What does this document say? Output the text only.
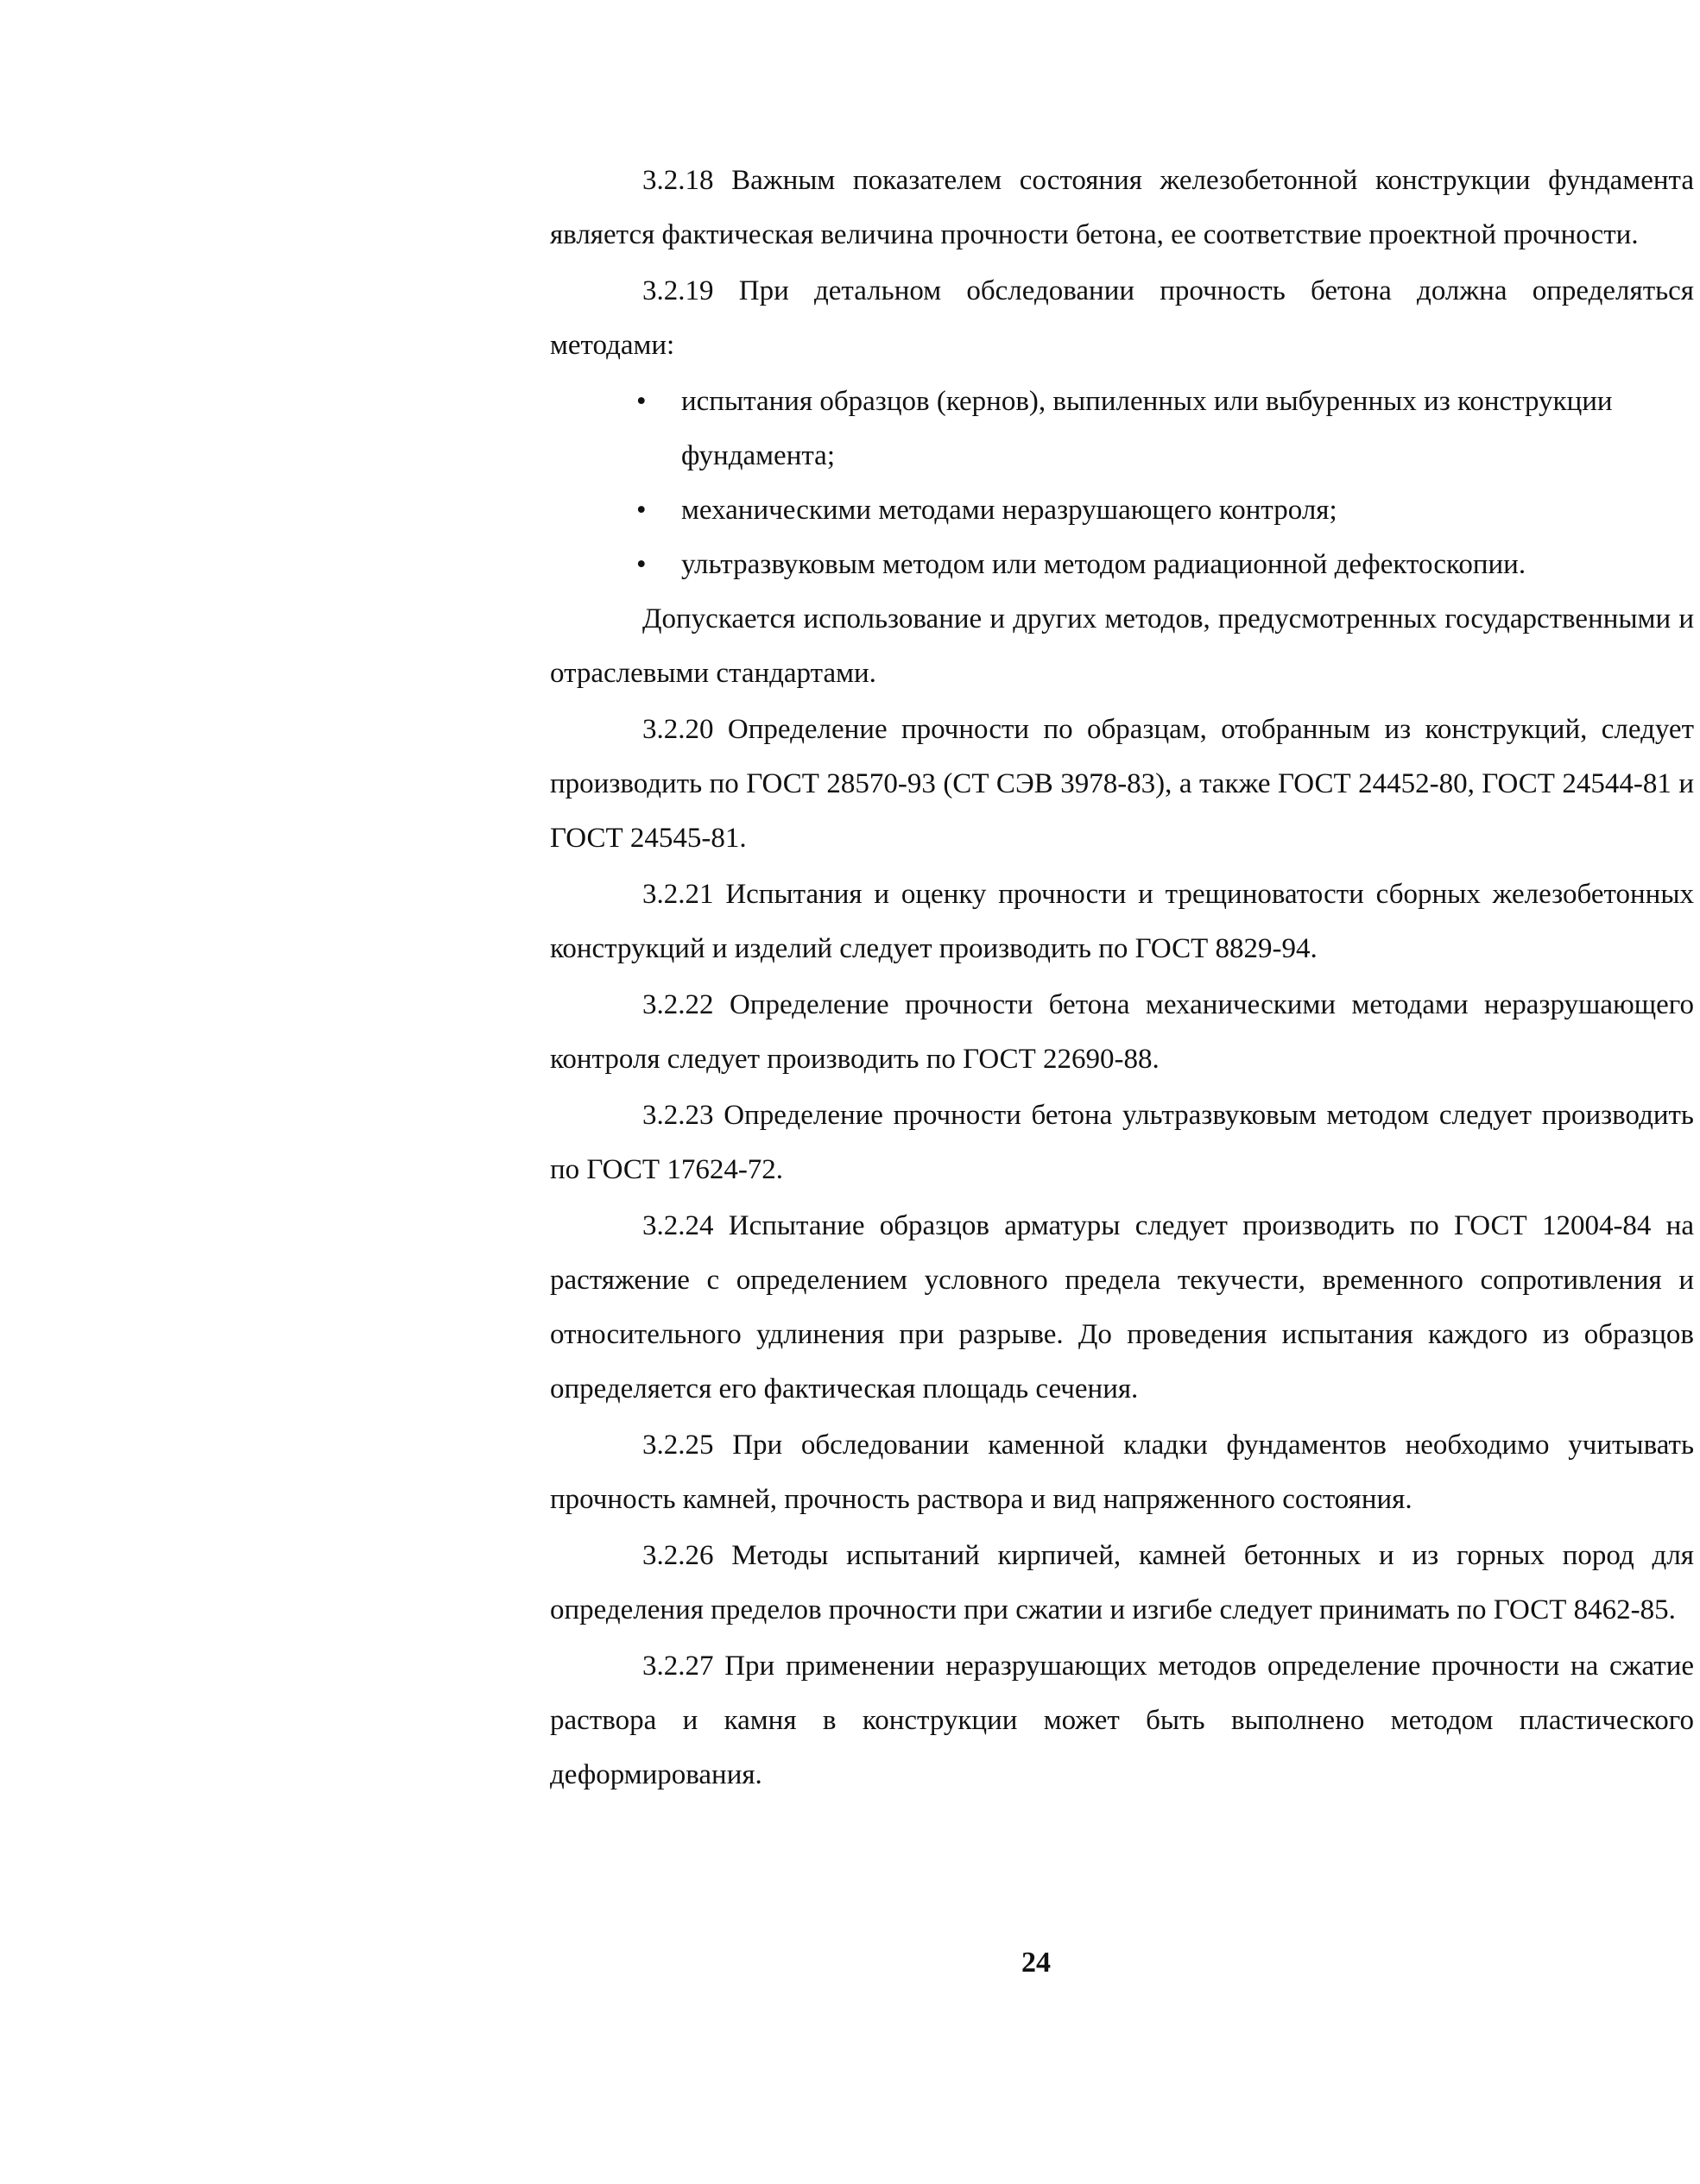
3.2.18 Важным показателем состояния железобетонной конструкции фундамента является фактическая величина прочности бетона, ее соответствие проектной прочности.

3.2.19 При детальном обследовании прочность бетона должна определяться методами:

•	испытания образцов (кернов), выпиленных или выбуренных из конструкции фундамента;
•	механическими методами неразрушающего контроля;
•	ультразвуковым методом или методом радиационной дефектоскопии.

Допускается использование и других методов, предусмотренных государственными и отраслевыми стандартами.

3.2.20 Определение прочности по образцам, отобранным из конструкций, следует производить по ГОСТ 28570-93 (СТ СЭВ 3978-83), а также ГОСТ 24452-80, ГОСТ 24544-81 и ГОСТ 24545-81.

3.2.21 Испытания и оценку прочности и трещиноватости сборных железобетонных конструкций и изделий следует производить по ГОСТ 8829-94.

3.2.22 Определение прочности бетона механическими методами неразрушающего контроля следует производить по ГОСТ 22690-88.

3.2.23 Определение прочности бетона ультразвуковым методом следует производить по ГОСТ 17624-72.

3.2.24 Испытание образцов арматуры следует производить по ГОСТ 12004-84 на растяжение с определением условного предела текучести, временного сопротивления и относительного удлинения при разрыве. До проведения испытания каждого из образцов определяется его фактическая площадь сечения.

3.2.25 При обследовании каменной кладки фундаментов необходимо учитывать прочность камней, прочность раствора и вид напряженного состояния.

3.2.26 Методы испытаний кирпичей, камней бетонных и из горных пород для определения пределов прочности при сжатии и изгибе следует принимать по ГОСТ 8462-85.

3.2.27 При применении неразрушающих методов определение прочности на сжатие раствора и камня в конструкции может быть выполнено методом пластического деформирования.

24
